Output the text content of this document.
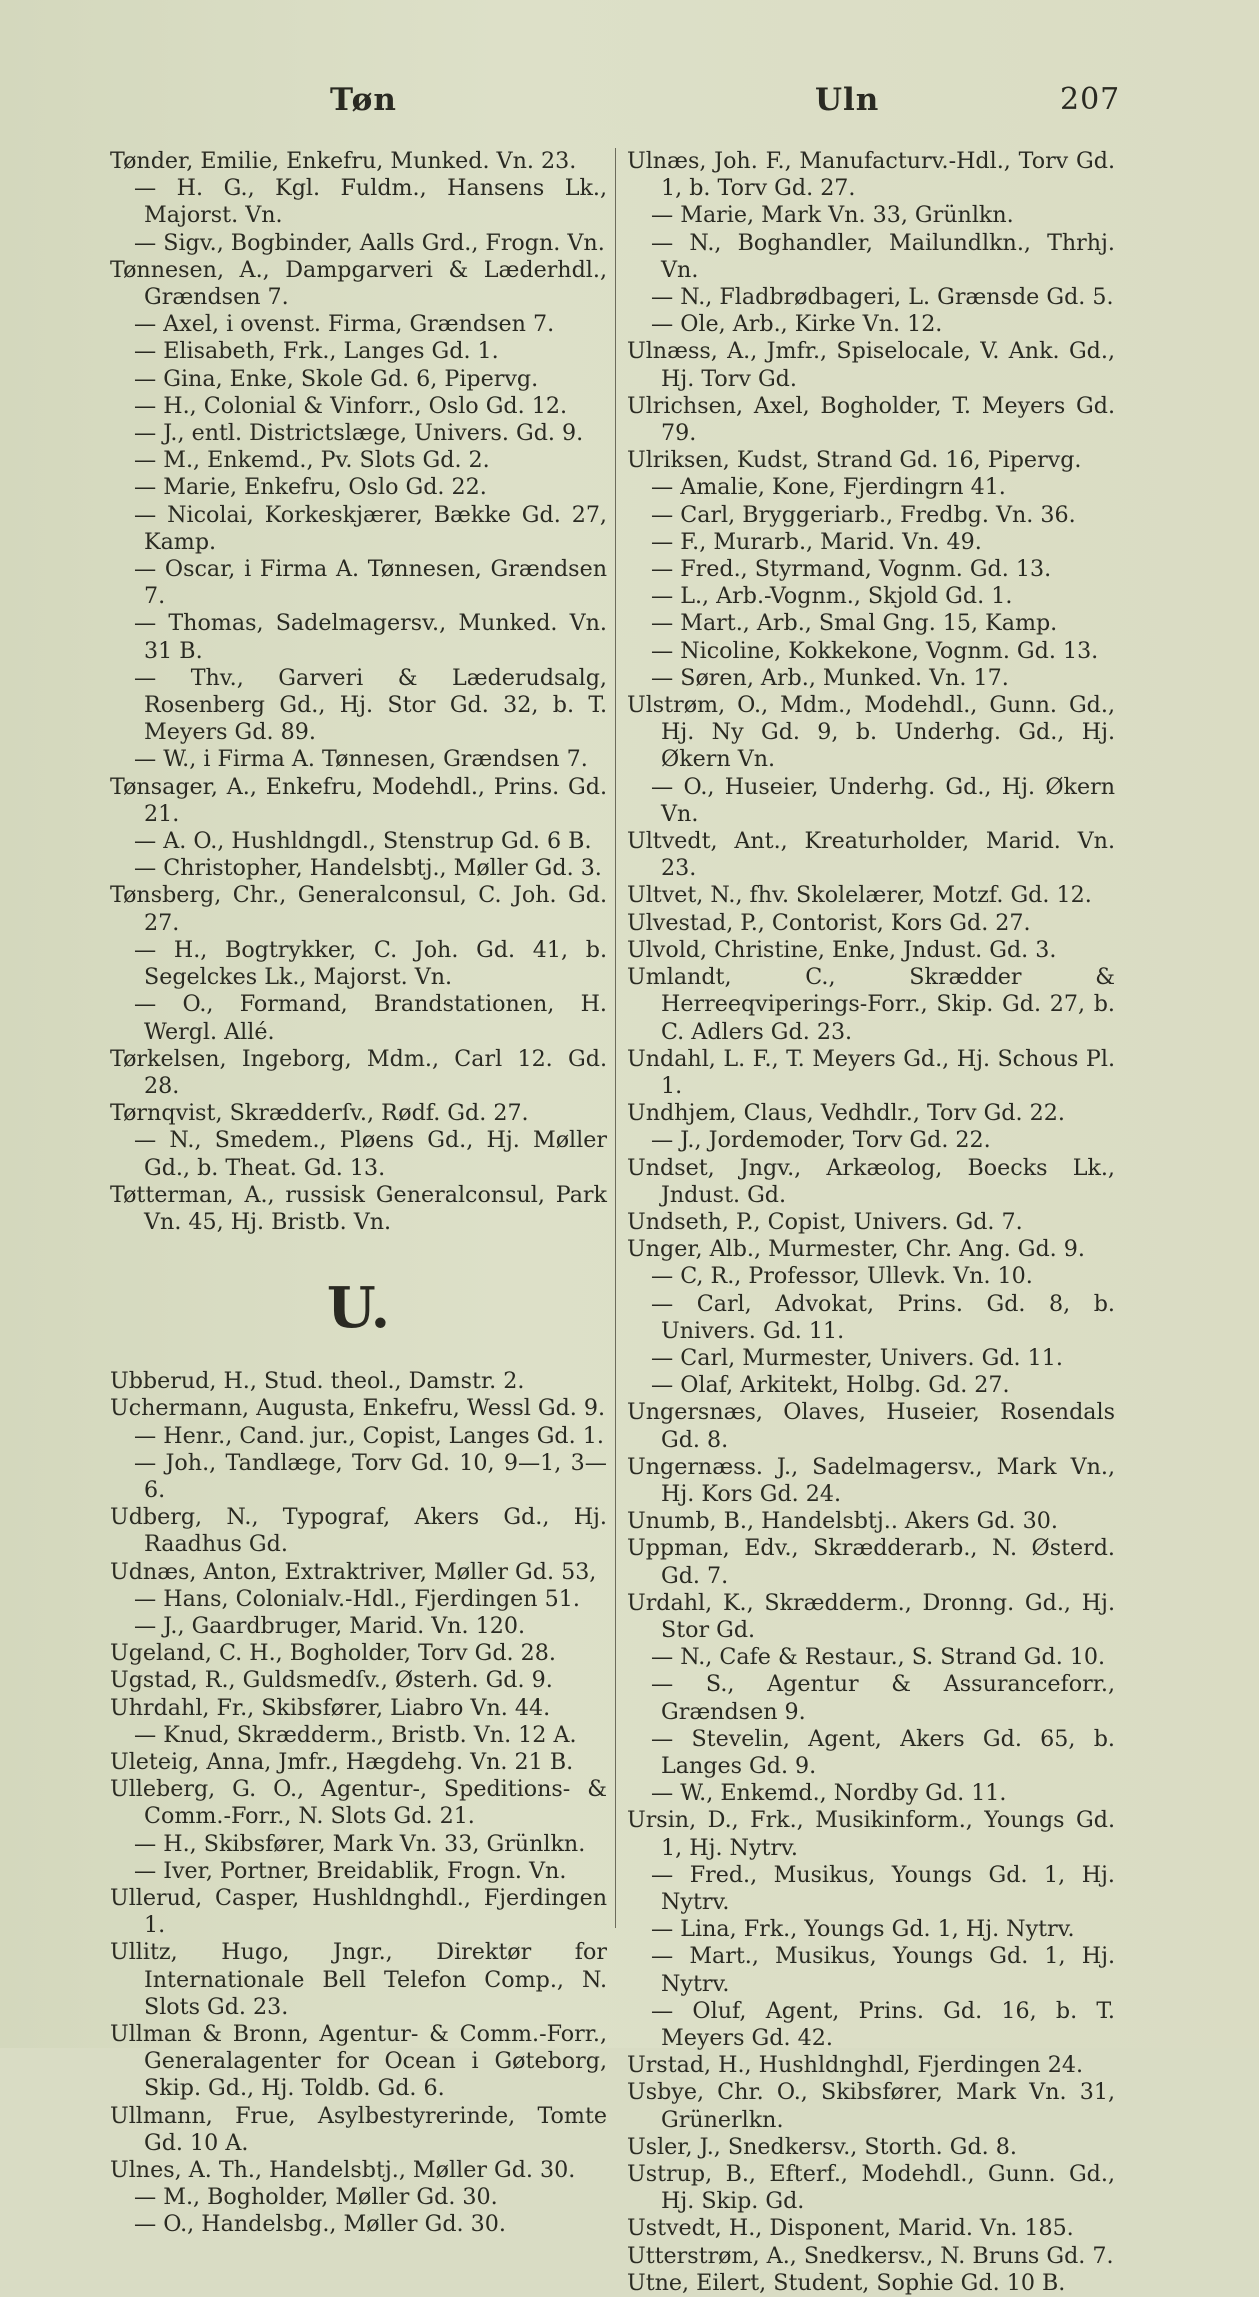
Tøn	Uln	207
Tønder, Emilie, Enkefru, Munked. Vn. 23.
— H. G., Kgl. Fuldm., Hansens Lk., Majorst. Vn.
— Sigv., Bogbinder, Aalls Grd., Frogn. Vn.
Tønnesen, A., Dampgarveri & Læderhdl., Grændsen 7.
— Axel, i ovenst. Firma, Grændsen 7.
— Elisabeth, Frk., Langes Gd. 1.
— Gina, Enke, Skole Gd. 6, Pipervg.
— H., Colonial & Vinforr., Oslo Gd. 12.
— J., entl. Districtslæge, Univers. Gd. 9.
— M., Enkemd., Pv. Slots Gd. 2.
— Marie, Enkefru, Oslo Gd. 22.
— Nicolai, Korkeskjærer, Bække Gd. 27, Kamp.
— Oscar, i Firma A. Tønnesen, Grændsen 7.
— Thomas, Sadelmagersv., Munked. Vn. 31 B.
— Thv., Garveri & Læderudsalg, Rosenberg Gd., Hj. Stor Gd. 32, b. T. Meyers Gd. 89.
— W., i Firma A. Tønnesen, Grændsen 7.
Tønsager, A., Enkefru, Modehdl., Prins. Gd. 21.
— A. O., Hushldngdl., Stenstrup Gd. 6 B.
— Christopher, Handelsbtj., Møller Gd. 3.
Tønsberg, Chr., Generalconsul, C. Joh. Gd. 27.
— H., Bogtrykker, C. Joh. Gd. 41, b. Segelckes Lk., Majorst. Vn.
— O., Formand, Brandstationen, H. Wergl. Allé.
Tørkelsen, Ingeborg, Mdm., Carl 12. Gd. 28.
Tørnqvist, Skrædderſv., Rødf. Gd. 27.
— N., Smedem., Pløens Gd., Hj. Møller Gd., b. Theat. Gd. 13.
Tøtterman, A., russisk Generalconsul, Park Vn. 45, Hj. Bristb. Vn.
U.
Ubberud, H., Stud. theol., Damstr. 2.
Uchermann, Augusta, Enkefru, Wessl Gd. 9.
— Henr., Cand. jur., Copist, Langes Gd. 1.
— Joh., Tandlæge, Torv Gd. 10, 9—1, 3—6.
Udberg, N., Typograf, Akers Gd., Hj. Raadhus Gd.
Udnæs, Anton, Extraktriver, Møller Gd. 53,
— Hans, Colonialv.-Hdl., Fjerdingen 51.
— J., Gaardbruger, Marid. Vn. 120.
Ugeland, C. H., Bogholder, Torv Gd. 28.
Ugstad, R., Guldsmedſv., Østerh. Gd. 9.
Uhrdahl, Fr., Skibsfører, Liabro Vn. 44.
— Knud, Skrædderm., Bristb. Vn. 12 A.
Uleteig, Anna, Jmfr., Hægdehg. Vn. 21 B.
Ulleberg, G. O., Agentur-, Speditions- & Comm.-Forr., N. Slots Gd. 21.
— H., Skibsfører, Mark Vn. 33, Grünlkn.
— Iver, Portner, Breidablik, Frogn. Vn.
Ullerud, Casper, Hushldnghdl., Fjerdingen 1.
Ullitz, Hugo, Jngr., Direktør for Internationale Bell Telefon Comp., N. Slots Gd. 23.
Ullman & Bronn, Agentur- & Comm.-Forr., Generalagenter for Ocean i Gøteborg, Skip. Gd., Hj. Toldb. Gd. 6.
Ullmann, Frue, Asylbestyrerinde, Tomte Gd. 10 A.
Ulnes, A. Th., Handelsbtj., Møller Gd. 30.
— M., Bogholder, Møller Gd. 30.
— O., Handelsbg., Møller Gd. 30.
Ulnæs, Joh. F., Manufacturv.-Hdl., Torv Gd. 1, b. Torv Gd. 27.
— Marie, Mark Vn. 33, Grünlkn.
— N., Boghandler, Mailundlkn., Thrhj. Vn.
— N., Fladbrødbageri, L. Grænsde Gd. 5.
— Ole, Arb., Kirke Vn. 12.
Ulnæss, A., Jmfr., Spiselocale, V. Ank. Gd., Hj. Torv Gd.
Ulrichsen, Axel, Bogholder, T. Meyers Gd. 79.
Ulriksen, Kudst, Strand Gd. 16, Pipervg.
— Amalie, Kone, Fjerdingrn 41.
— Carl, Bryggeriarb., Fredbg. Vn. 36.
— F., Murarb., Marid. Vn. 49.
— Fred., Styrmand, Vognm. Gd. 13.
— L., Arb.-Vognm., Skjold Gd. 1.
— Mart., Arb., Smal Gng. 15, Kamp.
— Nicoline, Kokkekone, Vognm. Gd. 13.
— Søren, Arb., Munked. Vn. 17.
Ulstrøm, O., Mdm., Modehdl., Gunn. Gd., Hj. Ny Gd. 9, b. Underhg. Gd., Hj. Økern Vn.
— O., Huseier, Underhg. Gd., Hj. Økern Vn.
Ultvedt, Ant., Kreaturholder, Marid. Vn. 23.
Ultvet, N., fhv. Skolelærer, Motzf. Gd. 12.
Ulvestad, P., Contorist, Kors Gd. 27.
Ulvold, Christine, Enke, Jndust. Gd. 3.
Umlandt, C., Skrædder & Herreeqviperings-Forr., Skip. Gd. 27, b. C. Adlers Gd. 23.
Undahl, L. F., T. Meyers Gd., Hj. Schous Pl. 1.
Undhjem, Claus, Vedhdlr., Torv Gd. 22.
— J., Jordemoder, Torv Gd. 22.
Undset, Jngv., Arkæolog, Boecks Lk., Jndust. Gd.
Undseth, P., Copist, Univers. Gd. 7.
Unger, Alb., Murmester, Chr. Ang. Gd. 9.
— C, R., Professor, Ullevk. Vn. 10.
— Carl, Advokat, Prins. Gd. 8, b. Univers. Gd. 11.
— Carl, Murmester, Univers. Gd. 11.
— Olaf, Arkitekt, Holbg. Gd. 27.
Ungersnæs, Olaves, Huseier, Rosendals Gd. 8.
Ungernæss. J., Sadelmagersv., Mark Vn., Hj. Kors Gd. 24.
Unumb, B., Handelsbtj.. Akers Gd. 30.
Uppman, Edv., Skrædderarb., N. Østerd. Gd. 7.
Urdahl, K., Skrædderm., Dronng. Gd., Hj. Stor Gd.
— N., Cafe & Restaur., S. Strand Gd. 10.
— S., Agentur & Assuranceforr., Grændsen 9.
— Stevelin, Agent, Akers Gd. 65, b. Langes Gd. 9.
— W., Enkemd., Nordby Gd. 11.
Ursin, D., Frk., Musikinform., Youngs Gd. 1, Hj. Nytrv.
— Fred., Musikus, Youngs Gd. 1, Hj. Nytrv.
— Lina, Frk., Youngs Gd. 1, Hj. Nytrv.
— Mart., Musikus, Youngs Gd. 1, Hj. Nytrv.
— Oluf, Agent, Prins. Gd. 16, b. T. Meyers Gd. 42.
Urstad, H., Hushldnghdl, Fjerdingen 24.
Usbye, Chr. O., Skibsfører, Mark Vn. 31, Grünerlkn.
Usler, J., Snedkersv., Storth. Gd. 8.
Ustrup, B., Efterf., Modehdl., Gunn. Gd., Hj. Skip. Gd.
Ustvedt, H., Disponent, Marid. Vn. 185.
Utterstrøm, A., Snedkersv., N. Bruns Gd. 7.
Utne, Eilert, Student, Sophie Gd. 10 B.
